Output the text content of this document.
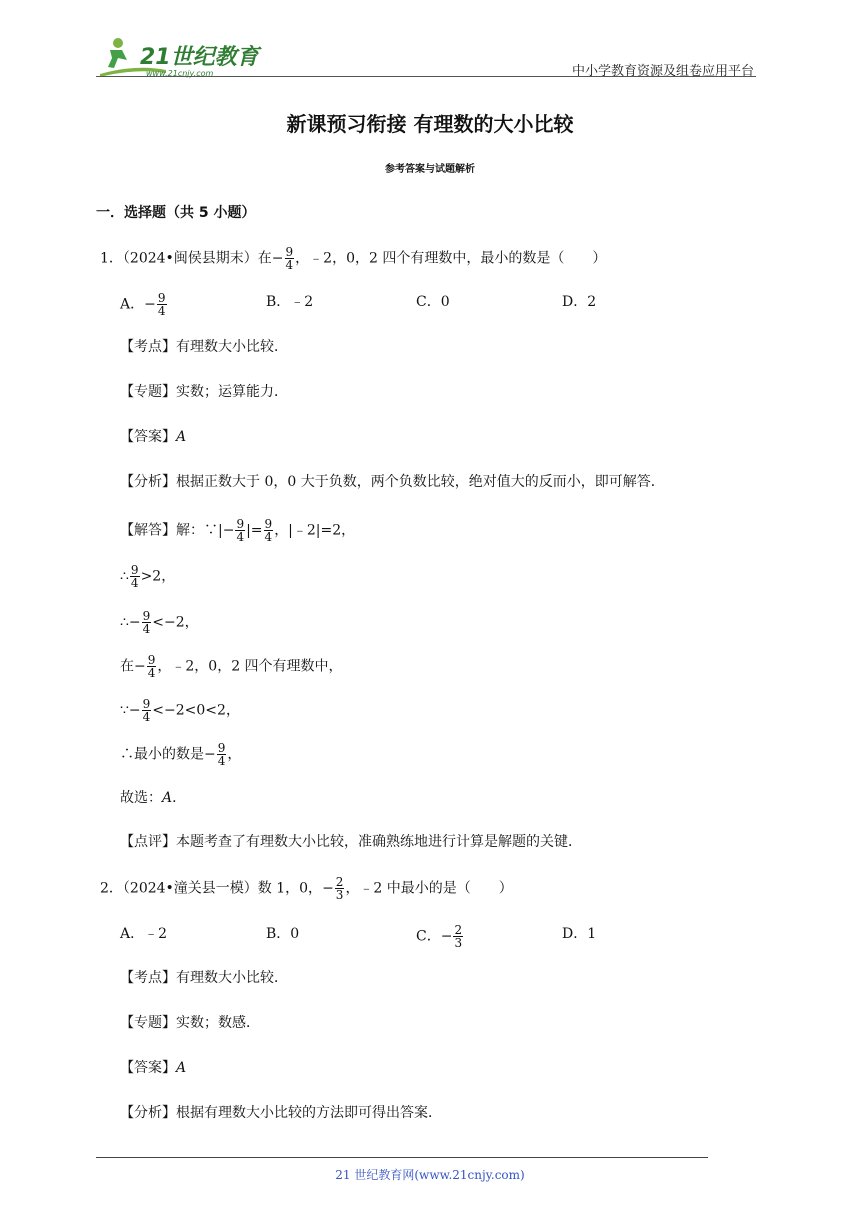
21世纪教育
www.21cnjy.com	中小学教育资源及组卷应用平台
新课预习衔接 有理数的大小比较
参考答案与试题解析
一．选择题（共 5 小题）
1．（2024•闽侯县期末）在− $\frac{9}{4}$ ，﹣2，0，2 四个有理数中，最小的数是（　　）
A．− $\frac{9}{4}$	B．﹣2	C．0	D．2
【考点】有理数大小比较．
【专题】实数；运算能力．
【答案】A
【分析】根据正数大于 0，0 大于负数，两个负数比较，绝对值大的反而小，即可解答．
【解答】解：∵|− $\frac{9}{4}$ |= $\frac{9}{4}$ ，|﹣2|=2，
∴ $\frac{9}{4} >2$，
∴− $\frac{9}{4} <-2$，
在− $\frac{9}{4}$ ，﹣2，0，2 四个有理数中，
∵− $\frac{9}{4} <-2<0<2$，
∴最小的数是− $\frac{9}{4}$ ，
故选：A．
【点评】本题考查了有理数大小比较，准确熟练地进行计算是解题的关键．
2．（2024•潼关县一模）数 1，0，− $\frac{2}{3}$ ，﹣2 中最小的是（　　）
A．﹣2	B．0	C．− $\frac{2}{3}$	D．1
【考点】有理数大小比较．
【专题】实数；数感．
【答案】A
【分析】根据有理数大小比较的方法即可得出答案．
21 世纪教育网(www.21cnjy.com)
